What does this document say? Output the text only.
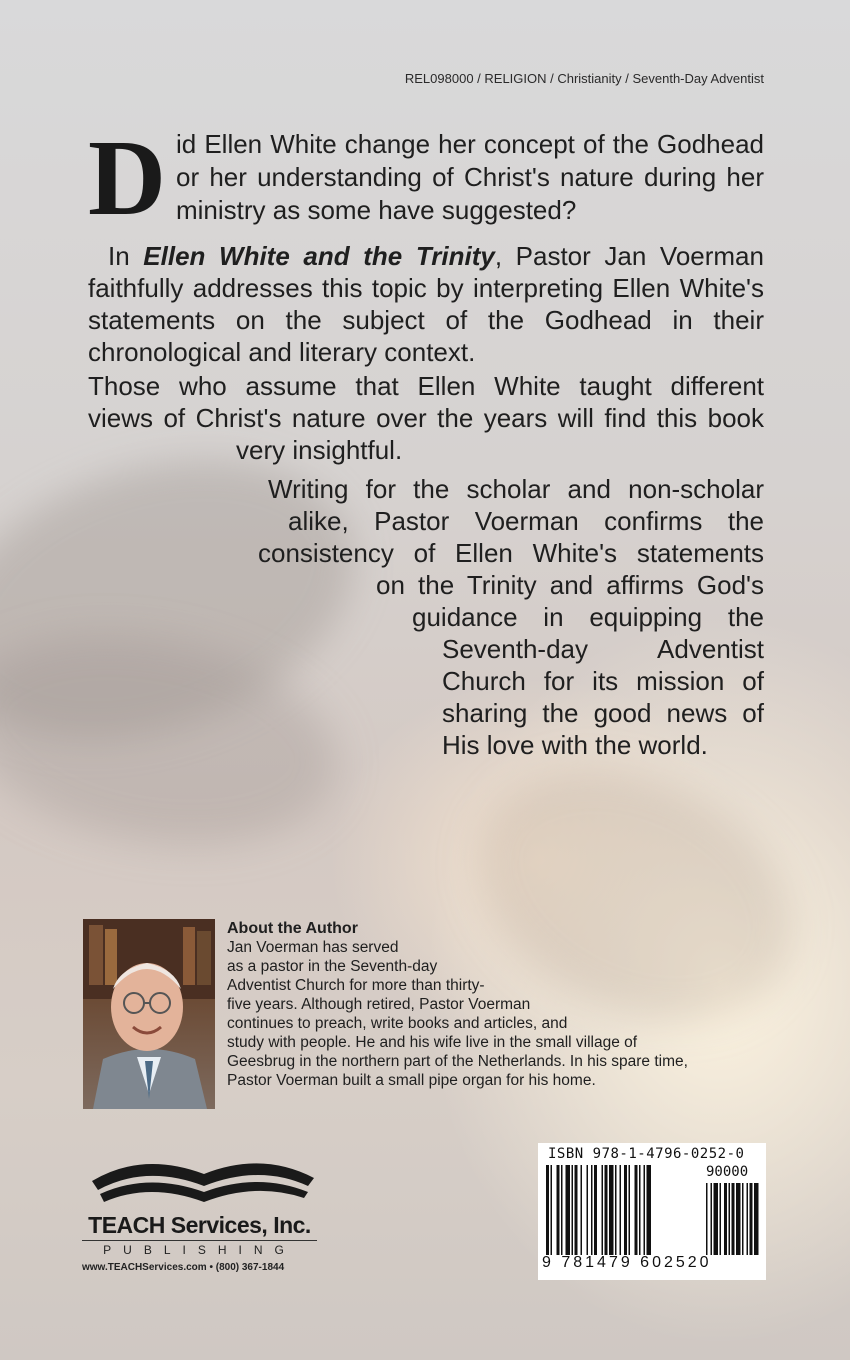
REL098000 / RELIGION / Christianity / Seventh-Day Adventist
Did Ellen White change her concept of the Godhead or her understanding of Christ's nature during her ministry as some have suggested?
In Ellen White and the Trinity, Pastor Jan Voerman faithfully addresses this topic by interpreting Ellen White's statements on the subject of the Godhead in their chronological and literary context.
Those who assume that Ellen White taught different
views of Christ's nature over the years will find this book
very insightful.
Writing for the scholar and non-scholar
alike, Pastor Voerman confirms the
consistency of Ellen White's statements
on the Trinity and affirms God's
guidance in equipping the
Seventh-day Adventist
Church for its mission of
sharing the good news of
His love with the world.
About the Author
Jan Voerman has served
as a pastor in the Seventh-day
Adventist Church for more than thirty-
five years. Although retired, Pastor Voerman
continues to preach, write books and articles, and
study with people. He and his wife live in the small village of
Geesbrug in the northern part of the Netherlands. In his spare time,
Pastor Voerman built a small pipe organ for his home.
TEACH Services, Inc.
PUBLISHING
www.TEACHServices.com • (800) 367-1844
ISBN 978-1-4796-0252-0
90000
9 781479 602520
